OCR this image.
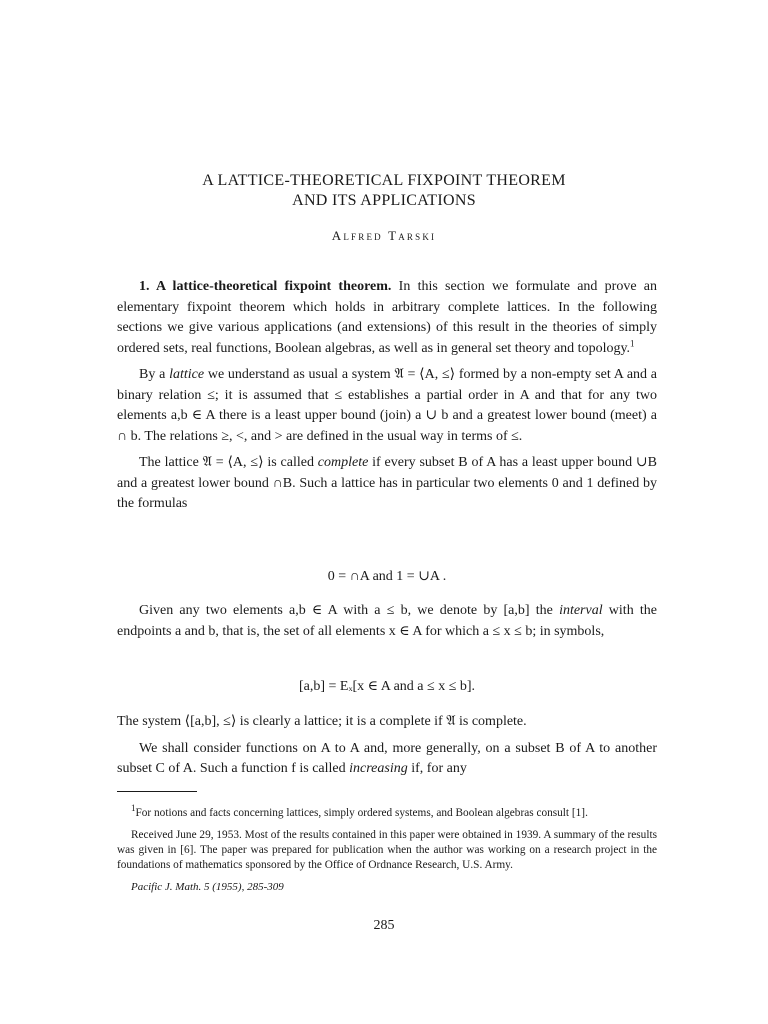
A LATTICE-THEORETICAL FIXPOINT THEOREM
AND ITS APPLICATIONS
Alfred Tarski

1. A lattice-theoretical fixpoint theorem. In this section we formulate and prove an elementary fixpoint theorem which holds in arbitrary complete lattices. In the following sections we give various applications (and extensions) of this result in the theories of simply ordered sets, real functions, Boolean algebras, as well as in general set theory and topology.$^1$

By a lattice we understand as usual a system 𝔄 = ⟨A, ≤⟩ formed by a non-empty set A and a binary relation ≤; it is assumed that ≤ establishes a partial order in A and that for any two elements a,b ∈ A there is a least upper bound (join) a ∪ b and a greatest lower bound (meet) a ∩ b. The relations ≥, <, and > are defined in the usual way in terms of ≤.

The lattice 𝔄 = ⟨A, ≤⟩ is called complete if every subset B of A has a least upper bound ∪B and a greatest lower bound ∩B. Such a lattice has in particular two elements 0 and 1 defined by the formulas

0 = ∩A and 1 = ∪A .

Given any two elements a,b ∈ A with a ≤ b, we denote by [a,b] the interval with the endpoints a and b, that is, the set of all elements x ∈ A for which a ≤ x ≤ b; in symbols,

[a,b] = Eₓ[x ∈ A and a ≤ x ≤ b].

The system ⟨[a,b], ≤⟩ is clearly a lattice; it is a complete if 𝔄 is complete.

We shall consider functions on A to A and, more generally, on a subset B of A to another subset C of A. Such a function f is called increasing if, for any

$^1$For notions and facts concerning lattices, simply ordered systems, and Boolean algebras consult [1].

Received June 29, 1953. Most of the results contained in this paper were obtained in 1939. A summary of the results was given in [6]. The paper was prepared for publication when the author was working on a research project in the foundations of mathematics sponsored by the Office of Ordnance Research, U.S. Army.

Pacific J. Math. 5 (1955), 285-309

285
